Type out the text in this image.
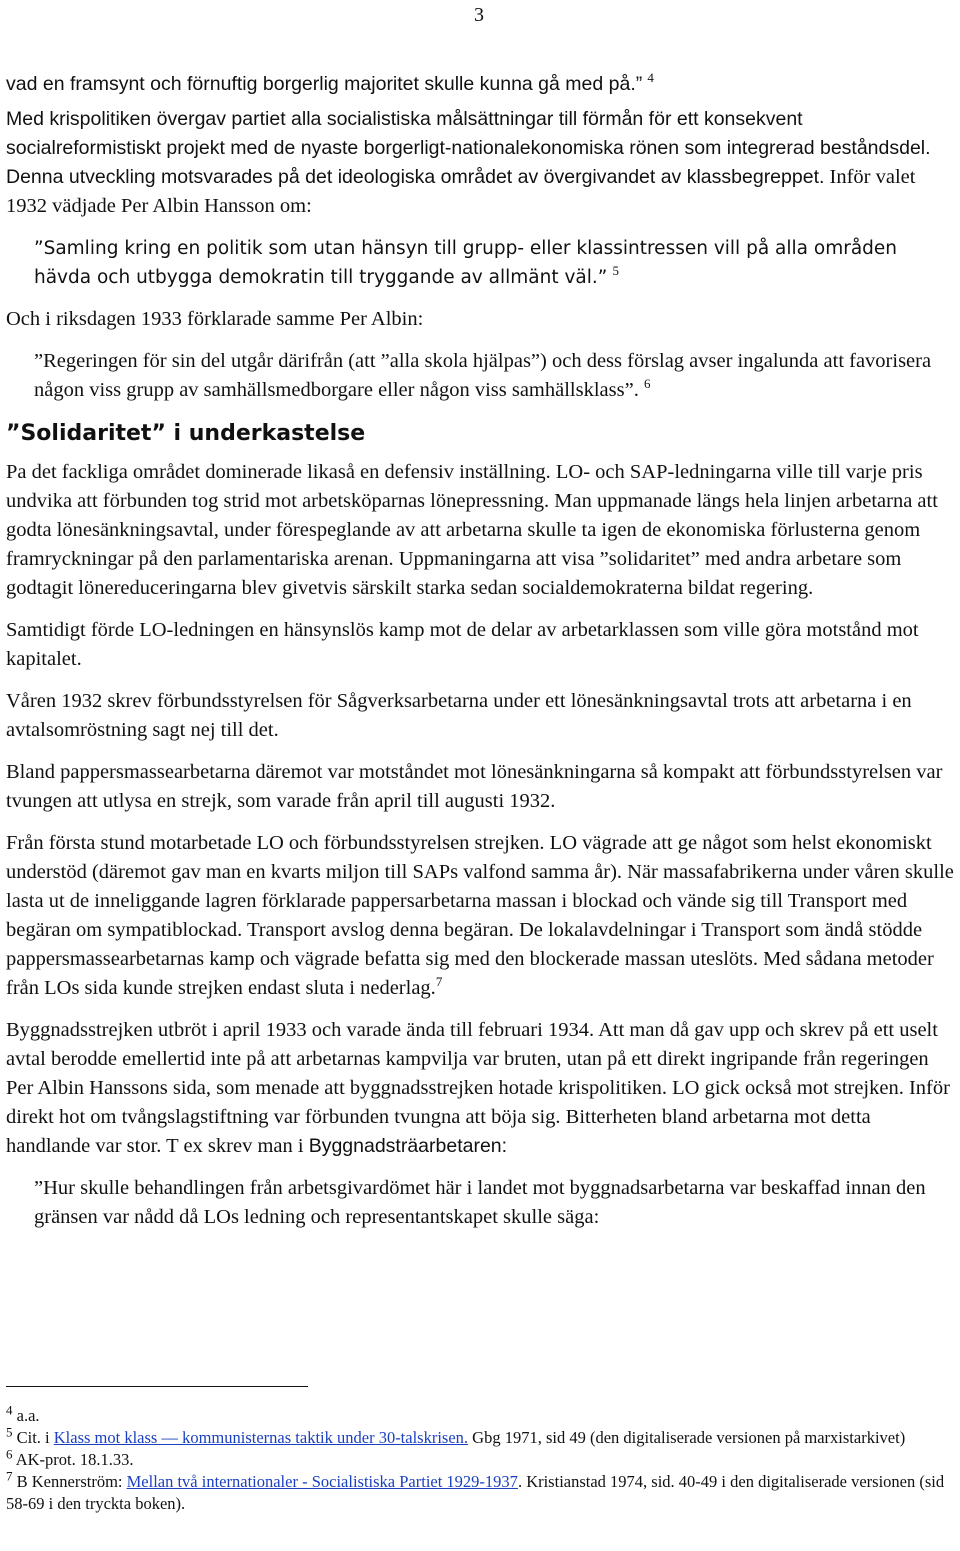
3

vad en framsynt och förnuftig borgerlig majoritet skulle kunna gå med på.” $^4$

Med krispolitiken övergav partiet alla socialistiska målsättningar till förmån för ett konsekvent socialreformistiskt projekt med de nyaste borgerligt-nationalekonomiska rönen som integrerad beståndsdel. Denna utveckling motsvarades på det ideologiska området av övergivandet av klassbegreppet. Inför valet 1932 vädjade Per Albin Hansson om:

”Samling kring en politik som utan hänsyn till grupp- eller klassintressen vill på alla områden hävda och utbygga demokratin till tryggande av allmänt väl.” $^5$

Och i riksdagen 1933 förklarade samme Per Albin:

”Regeringen för sin del utgår därifrån (att ”alla skola hjälpas”) och dess förslag avser ingalunda att favorisera någon viss grupp av samhällsmedborgare eller någon viss samhällsklass”. $^6$

”Solidaritet” i underkastelse

Pa det fackliga området dominerade likaså en defensiv inställning. LO- och SAP-ledningarna ville till varje pris undvika att förbunden tog strid mot arbetsköparnas lönepressning. Man uppmanade längs hela linjen arbetarna att godta lönesänkningsavtal, under förespeglande av att arbetarna skulle ta igen de ekonomiska förlusterna genom framryckningar på den parlamentariska arenan. Uppmaningarna att visa ”solidaritet” med andra arbetare som godtagit lönereduceringarna blev givetvis särskilt starka sedan socialdemokraterna bildat regering.

Samtidigt förde LO-ledningen en hänsynslös kamp mot de delar av arbetarklassen som ville göra motstånd mot kapitalet.

Våren 1932 skrev förbundsstyrelsen för Sågverksarbetarna under ett lönesänkningsavtal trots att arbetarna i en avtalsomröstning sagt nej till det.

Bland pappersmassearbetarna däremot var motståndet mot lönesänkningarna så kompakt att förbundsstyrelsen var tvungen att utlysa en strejk, som varade från april till augusti 1932.

Från första stund motarbetade LO och förbundsstyrelsen strejken. LO vägrade att ge något som helst ekonomiskt understöd (däremot gav man en kvarts miljon till SAPs valfond samma år). När massafabrikerna under våren skulle lasta ut de inneliggande lagren förklarade pappersarbetarna massan i blockad och vände sig till Transport med begäran om sympatiblockad. Transport avslog denna begäran. De lokalavdelningar i Transport som ändå stödde pappersmassearbetarnas kamp och vägrade befatta sig med den blockerade massan uteslöts. Med sådana metoder från LOs sida kunde strejken endast sluta i nederlag.$^7$

Byggnadsstrejken utbröt i april 1933 och varade ända till februari 1934. Att man då gav upp och skrev på ett uselt avtal berodde emellertid inte på att arbetarnas kampvilja var bruten, utan på ett direkt ingripande från regeringen Per Albin Hanssons sida, som menade att byggnadsstrejken hotade krispolitiken. LO gick också mot strejken. Inför direkt hot om tvångslagstiftning var förbunden tvungna att böja sig. Bitterheten bland arbetarna mot detta handlande var stor. T ex skrev man i Byggnadsträarbetaren:

”Hur skulle behandlingen från arbetsgivardömet här i landet mot byggnadsarbetarna var beskaffad innan den gränsen var nådd då LOs ledning och representantskapet skulle säga:

$^4$ a.a.

$^5$ Cit. i Klass mot klass — kommunisternas taktik under 30-talskrisen. Gbg 1971, sid 49 (den digitaliserade versionen på marxistarkivet)

$^6$ AK-prot. 18.1.33.

$^7$ B Kennerström: Mellan två internationaler - Socialistiska Partiet 1929-1937. Kristianstad 1974, sid. 40-49 i den digitaliserade versionen (sid 58-69 i den tryckta boken).
